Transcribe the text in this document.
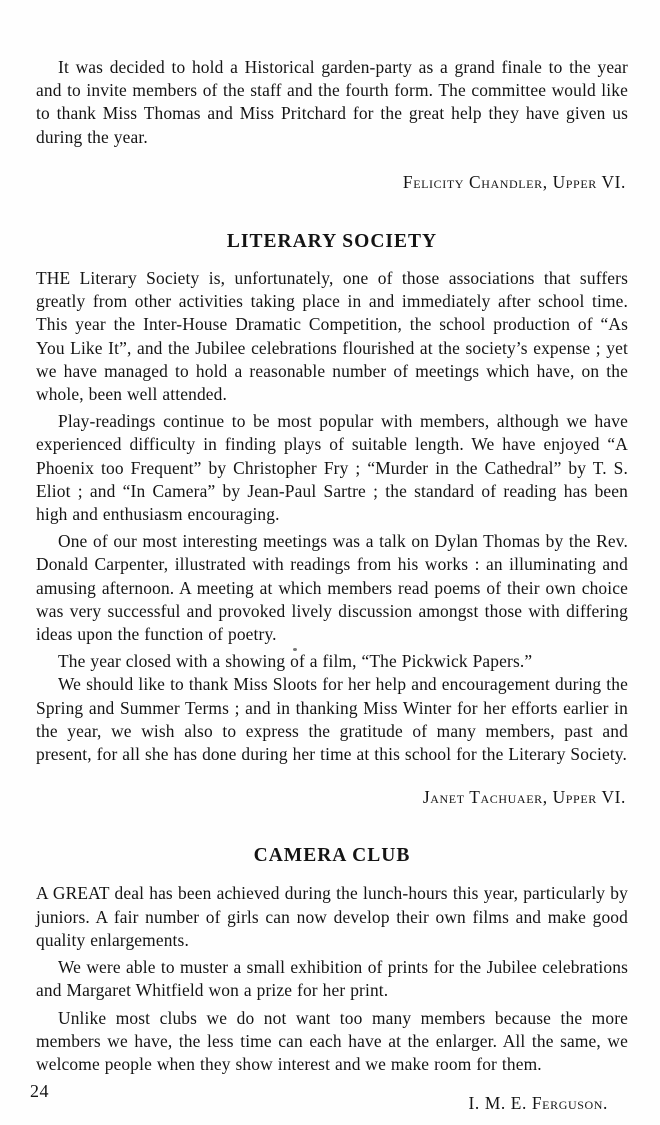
It was decided to hold a Historical garden-party as a grand finale to the year and to invite members of the staff and the fourth form. The committee would like to thank Miss Thomas and Miss Pritchard for the great help they have given us during the year.

Felicity Chandler, Upper VI.

LITERARY SOCIETY

THE Literary Society is, unfortunately, one of those associations that suffers greatly from other activities taking place in and immediately after school time. This year the Inter-House Dramatic Competition, the school production of “As You Like It”, and the Jubilee celebrations flourished at the society’s expense ; yet we have managed to hold a reasonable number of meetings which have, on the whole, been well attended.

Play-readings continue to be most popular with members, although we have experienced difficulty in finding plays of suitable length. We have enjoyed “A Phoenix too Frequent” by Christopher Fry ; “Murder in the Cathedral” by T. S. Eliot ; and “In Camera” by Jean-Paul Sartre ; the standard of reading has been high and enthusiasm encouraging.

One of our most interesting meetings was a talk on Dylan Thomas by the Rev. Donald Carpenter, illustrated with readings from his works : an illuminating and amusing afternoon. A meeting at which members read poems of their own choice was very successful and provoked lively discussion amongst those with differing ideas upon the function of poetry.

The year closed with a showing of a film, “The Pickwick Papers.”

We should like to thank Miss Sloots for her help and encouragement during the Spring and Summer Terms ; and in thanking Miss Winter for her efforts earlier in the year, we wish also to express the gratitude of many members, past and present, for all she has done during her time at this school for the Literary Society.

Janet Tachuaer, Upper VI.

CAMERA CLUB

A GREAT deal has been achieved during the lunch-hours this year, particularly by juniors. A fair number of girls can now develop their own films and make good quality enlargements.

We were able to muster a small exhibition of prints for the Jubilee celebrations and Margaret Whitfield won a prize for her print.

Unlike most clubs we do not want too many members because the more members we have, the less time can each have at the enlarger. All the same, we welcome people when they show interest and we make room for them.

I. M. E. Ferguson.

24
